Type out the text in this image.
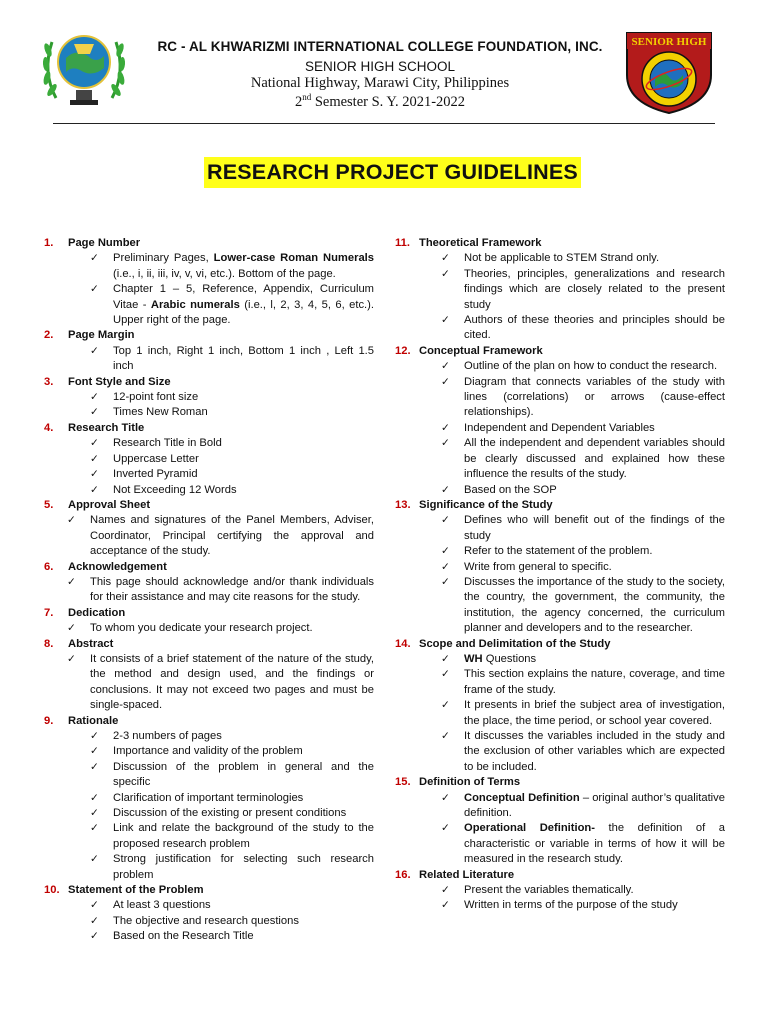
RC - AL KHWARIZMI INTERNATIONAL COLLEGE FOUNDATION, INC.
SENIOR HIGH SCHOOL
National Highway, Marawi City, Philippines
2nd Semester S. Y. 2021-2022
SENIOR HIGH
RESEARCH PROJECT GUIDELINES
1. Page Number
✓ Preliminary Pages, Lower-case Roman Numerals (i.e., i, ii, iii, iv, v, vi, etc.). Bottom of the page.
✓ Chapter 1 – 5, Reference, Appendix, Curriculum Vitae - Arabic numerals (i.e., l, 2, 3, 4, 5, 6, etc.). Upper right of the page.
2. Page Margin
✓ Top 1 inch, Right 1 inch, Bottom 1 inch , Left 1.5 inch
3. Font Style and Size
✓ 12-point font size
✓ Times New Roman
4. Research Title
✓ Research Title in Bold
✓ Uppercase Letter
✓ Inverted Pyramid
✓ Not Exceeding 12 Words
5. Approval Sheet
✓ Names and signatures of the Panel Members, Adviser, Coordinator, Principal certifying the approval and acceptance of the study.
6. Acknowledgement
✓ This page should acknowledge and/or thank individuals for their assistance and may cite reasons for the study.
7. Dedication
✓ To whom you dedicate your research project.
8. Abstract
✓ It consists of a brief statement of the nature of the study, the method and design used, and the findings or conclusions. It may not exceed two pages and must be single-spaced.
9. Rationale
✓ 2-3 numbers of pages
✓ Importance and validity of the problem
✓ Discussion of the problem in general and the specific
✓ Clarification of important terminologies
✓ Discussion of the existing or present conditions
✓ Link and relate the background of the study to the proposed research problem
✓ Strong justification for selecting such research problem
10. Statement of the Problem
✓ At least 3 questions
✓ The objective and research questions
✓ Based on the Research Title
11. Theoretical Framework
✓ Not be applicable to STEM Strand only.
✓ Theories, principles, generalizations and research findings which are closely related to the present study
✓ Authors of these theories and principles should be cited.
12. Conceptual Framework
✓ Outline of the plan on how to conduct the research.
✓ Diagram that connects variables of the study with lines (correlations) or arrows (cause-effect relationships).
✓ Independent and Dependent Variables
✓ All the independent and dependent variables should be clearly discussed and explained how these influence the results of the study.
✓ Based on the SOP
13. Significance of the Study
✓ Defines who will benefit out of the findings of the study
✓ Refer to the statement of the problem.
✓ Write from general to specific.
✓ Discusses the importance of the study to the society, the country, the government, the community, the institution, the agency concerned, the curriculum planner and developers and to the researcher.
14. Scope and Delimitation of the Study
✓ WH Questions
✓ This section explains the nature, coverage, and time frame of the study.
✓ It presents in brief the subject area of investigation, the place, the time period, or school year covered.
✓ It discusses the variables included in the study and the exclusion of other variables which are expected to be included.
15. Definition of Terms
✓ Conceptual Definition – original author’s qualitative definition.
✓ Operational Definition- the definition of a characteristic or variable in terms of how it will be measured in the research study.
16. Related Literature
✓ Present the variables thematically.
✓ Written in terms of the purpose of the study
